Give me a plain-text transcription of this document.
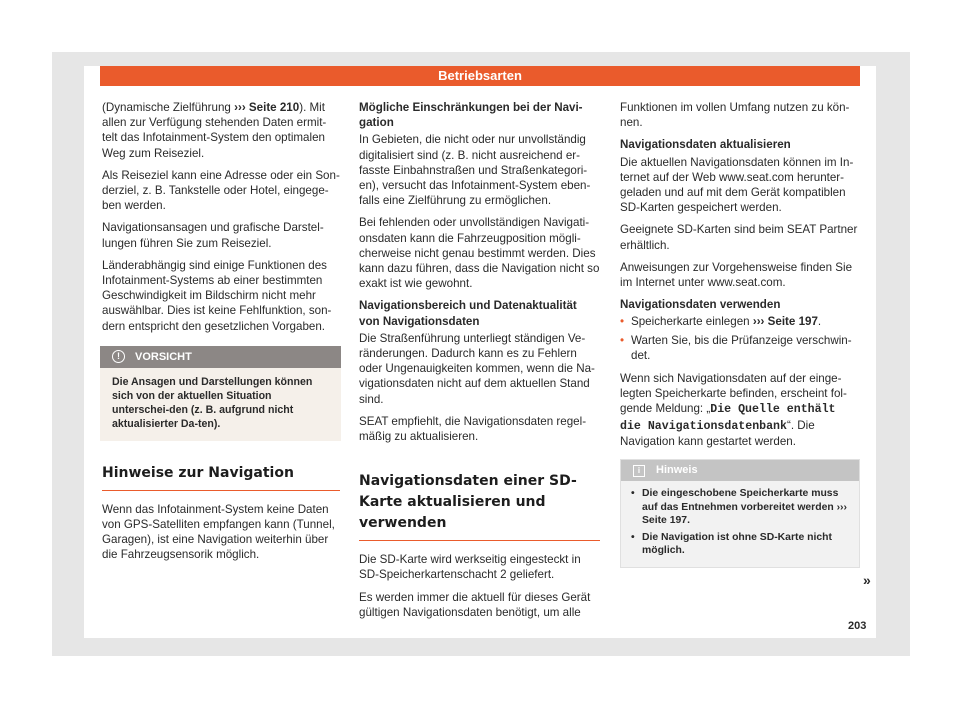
Betriebsarten

(Dynamische Zielführung ››› Seite 210). Mit allen zur Verfügung stehenden Daten ermit-telt das Infotainment-System den optimalen Weg zum Reiseziel.

Als Reiseziel kann eine Adresse oder ein Son-derziel, z. B. Tankstelle oder Hotel, eingege-ben werden.

Navigationsansagen und grafische Darstel-lungen führen Sie zum Reiseziel.

Länderabhängig sind einige Funktionen des Infotainment-Systems ab einer bestimmten Geschwindigkeit im Bildschirm nicht mehr auswählbar. Dies ist keine Fehlfunktion, son-dern entspricht den gesetzlichen Vorgaben.

!	VORSICHT
Die Ansagen und Darstellungen können sich von der aktuellen Situation unterschei-den (z. B. aufgrund nicht aktualisierter Da-ten).
Hinweise zur Navigation

Wenn das Infotainment-System keine Daten von GPS-Satelliten empfangen kann (Tunnel, Garagen), ist eine Navigation weiterhin über die Fahrzeugsensorik möglich.

Mögliche Einschränkungen bei der Navi-gation

In Gebieten, die nicht oder nur unvollständig digitalisiert sind (z. B. nicht ausreichend er-fasste Einbahnstraßen und Straßenkategori-en), versucht das Infotainment-System eben-falls eine Zielführung zu ermöglichen.

Bei fehlenden oder unvollständigen Navigati-onsdaten kann die Fahrzeugposition mögli-cherweise nicht genau bestimmt werden. Dies kann dazu führen, dass die Navigation nicht so exakt ist wie gewohnt.

Navigationsbereich und Datenaktualität von Navigationsdaten

Die Straßenführung unterliegt ständigen Ve-ränderungen. Dadurch kann es zu Fehlern oder Ungenauigkeiten kommen, wenn die Na-vigationsdaten nicht auf dem aktuellen Stand sind.

SEAT empfiehlt, die Navigationsdaten regel-mäßig zu aktualisieren.

Navigationsdaten einer SD-Karte aktualisieren und verwenden

Die SD-Karte wird werkseitig eingesteckt in SD-Speicherkartenschacht 2 geliefert.

Es werden immer die aktuell für dieses Gerät gültigen Navigationsdaten benötigt, um alle

Funktionen im vollen Umfang nutzen zu kön-nen.

Navigationsdaten aktualisieren

Die aktuellen Navigationsdaten können im In-ternet auf der Web www.seat.com herunter-geladen und auf mit dem Gerät kompatiblen SD-Karten gespeichert werden.

Geeignete SD-Karten sind beim SEAT Partner erhältlich.

Anweisungen zur Vorgehensweise finden Sie im Internet unter www.seat.com.

Navigationsdaten verwenden

• Speicherkarte einlegen ››› Seite 197.
• Warten Sie, bis die Prüfanzeige verschwin-det.

Wenn sich Navigationsdaten auf der einge-legten Speicherkarte befinden, erscheint fol-gende Meldung: „Die Quelle enthält die Navigationsdatenbank“. Die Navigation kann gestartet werden.

i	Hinweis
• Die eingeschobene Speicherkarte muss auf das Entnehmen vorbereitet werden ››› Seite 197.
• Die Navigation ist ohne SD-Karte nicht möglich.
»
203
